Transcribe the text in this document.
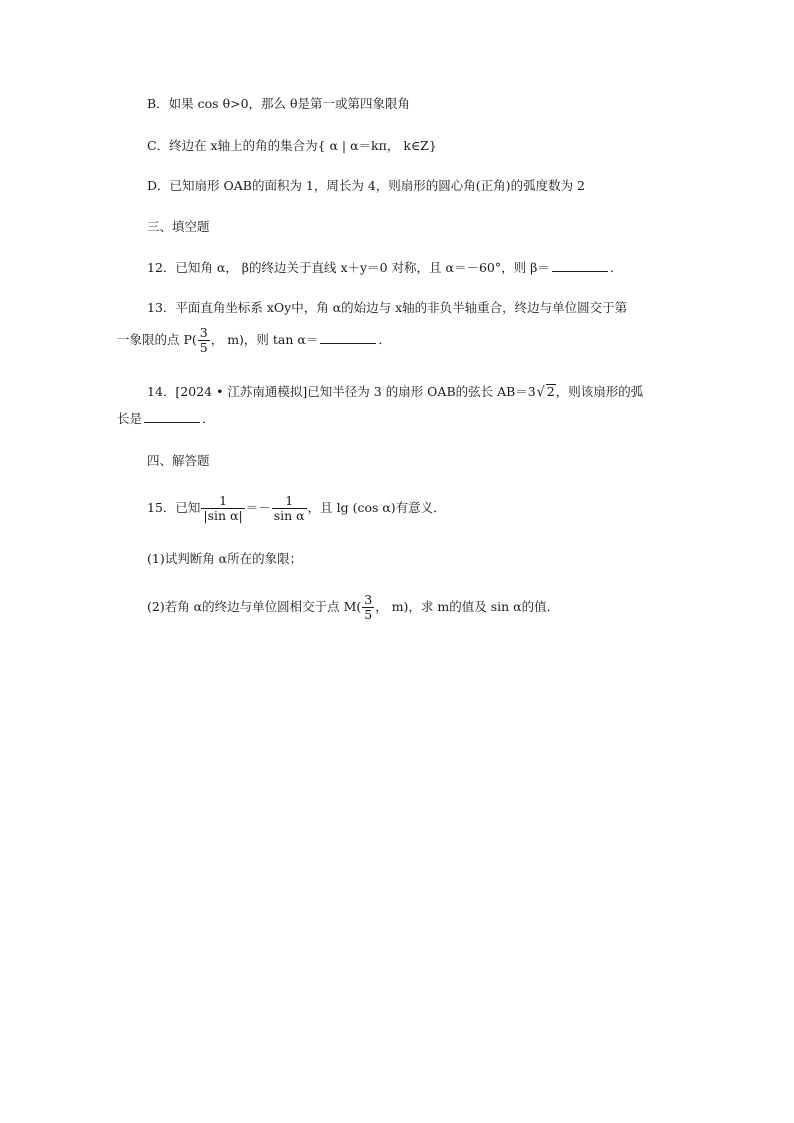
B．如果 cos θ>0，那么 θ是第一或第四象限角
C．终边在 x轴上的角的集合为{ α | α＝kπ， k∈Z}
D．已知扇形 OAB的面积为 1，周长为 4，则扇形的圆心角(正角)的弧度数为 2
三、填空题
12．已知角 α， β的终边关于直线 x＋y＝0 对称，且 α＝－60°，则 β＝	．
13．平面直角坐标系 xOy中，角 α的始边与 x轴的非负半轴重合，终边与单位圆交于第
一象限的点 $P( \frac{3}{5}$ ， m)，则 tan α＝	．
14．[2024 • 江苏南通模拟]已知半径为 3 的扇形 OAB的弦长 AB＝3√ 2，则该扇形的弧
长是	．
四、解答题
15．已知 $\frac{1}{\text{|sin α|}} =- \frac{1}{\text{sin α}}$ ，且 lg (cos α)有意义．
(1)试判断角 α所在的象限；
(2)若角 α的终边与单位圆相交于点 $M( \frac{3}{5}$ ， m)，求 m的值及 sin α的值．
